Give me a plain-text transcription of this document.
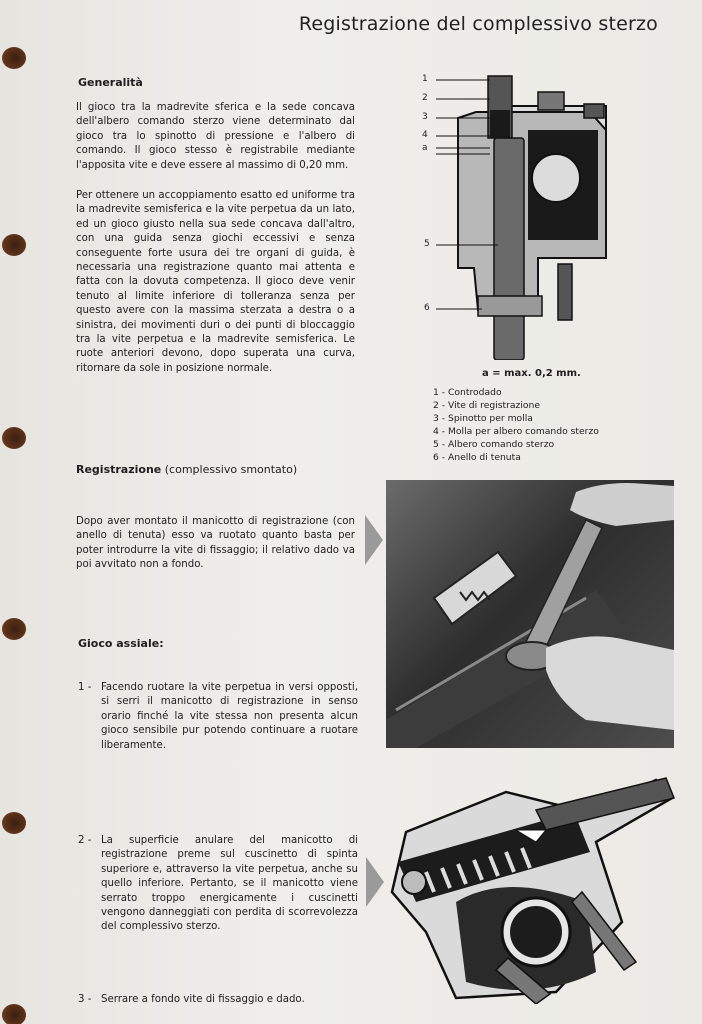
Registrazione del complessivo sterzo
Generalità
Il gioco tra la madrevite sferica e la sede concava dell'albero comando sterzo viene determinato dal gioco tra lo spinotto di pressione e l'albero di comando. Il gioco stesso è registrabile mediante l'apposita vite e deve essere al massimo di 0,20 mm.
Per ottenere un accoppiamento esatto ed uniforme tra la madrevite semisferica e la vite perpetua da un lato, ed un gioco giusto nella sua sede concava dall'altro, con una guida senza giochi eccessivi e senza conseguente forte usura dei tre organi di guida, è necessaria una registrazione quanto mai attenta e fatta con la dovuta competenza. Il gioco deve venir tenuto al limite inferiore di tolleranza senza per questo avere con la massima sterzata a destra o a sinistra, dei movimenti duri o dei punti di bloccaggio tra la vite perpetua e la madrevite semisferica. Le ruote anteriori devono, dopo superata una curva, ritornare da sole in posizione normale.
1
2
3
4
a
5
6
a = max. 0,2 mm.
1 - Controdado
2 - Vite di registrazione
3 - Spinotto per molla
4 - Molla per albero comando sterzo
5 - Albero comando sterzo
6 - Anello di tenuta
Registrazione (complessivo smontato)
Dopo aver montato il manicotto di registrazione (con anello di tenuta) esso va ruotato quanto basta per poter introdurre la vite di fissaggio; il relativo dado va poi avvitato non a fondo.
Gioco assiale:
1 - Facendo ruotare la vite perpetua in versi opposti, si serri il manicotto di registrazione in senso orario finché la vite stessa non presenta alcun gioco sensibile pur potendo continuare a ruotare liberamente.
2 - La superficie anulare del manicotto di registrazione preme sul cuscinetto di spinta superiore e, attraverso la vite perpetua, anche su quello inferiore. Pertanto, se il manicotto viene serrato troppo energicamente i cuscinetti vengono danneggiati con perdita di scorrevolezza del complessivo sterzo.
3 - Serrare a fondo vite di fissaggio e dado.
